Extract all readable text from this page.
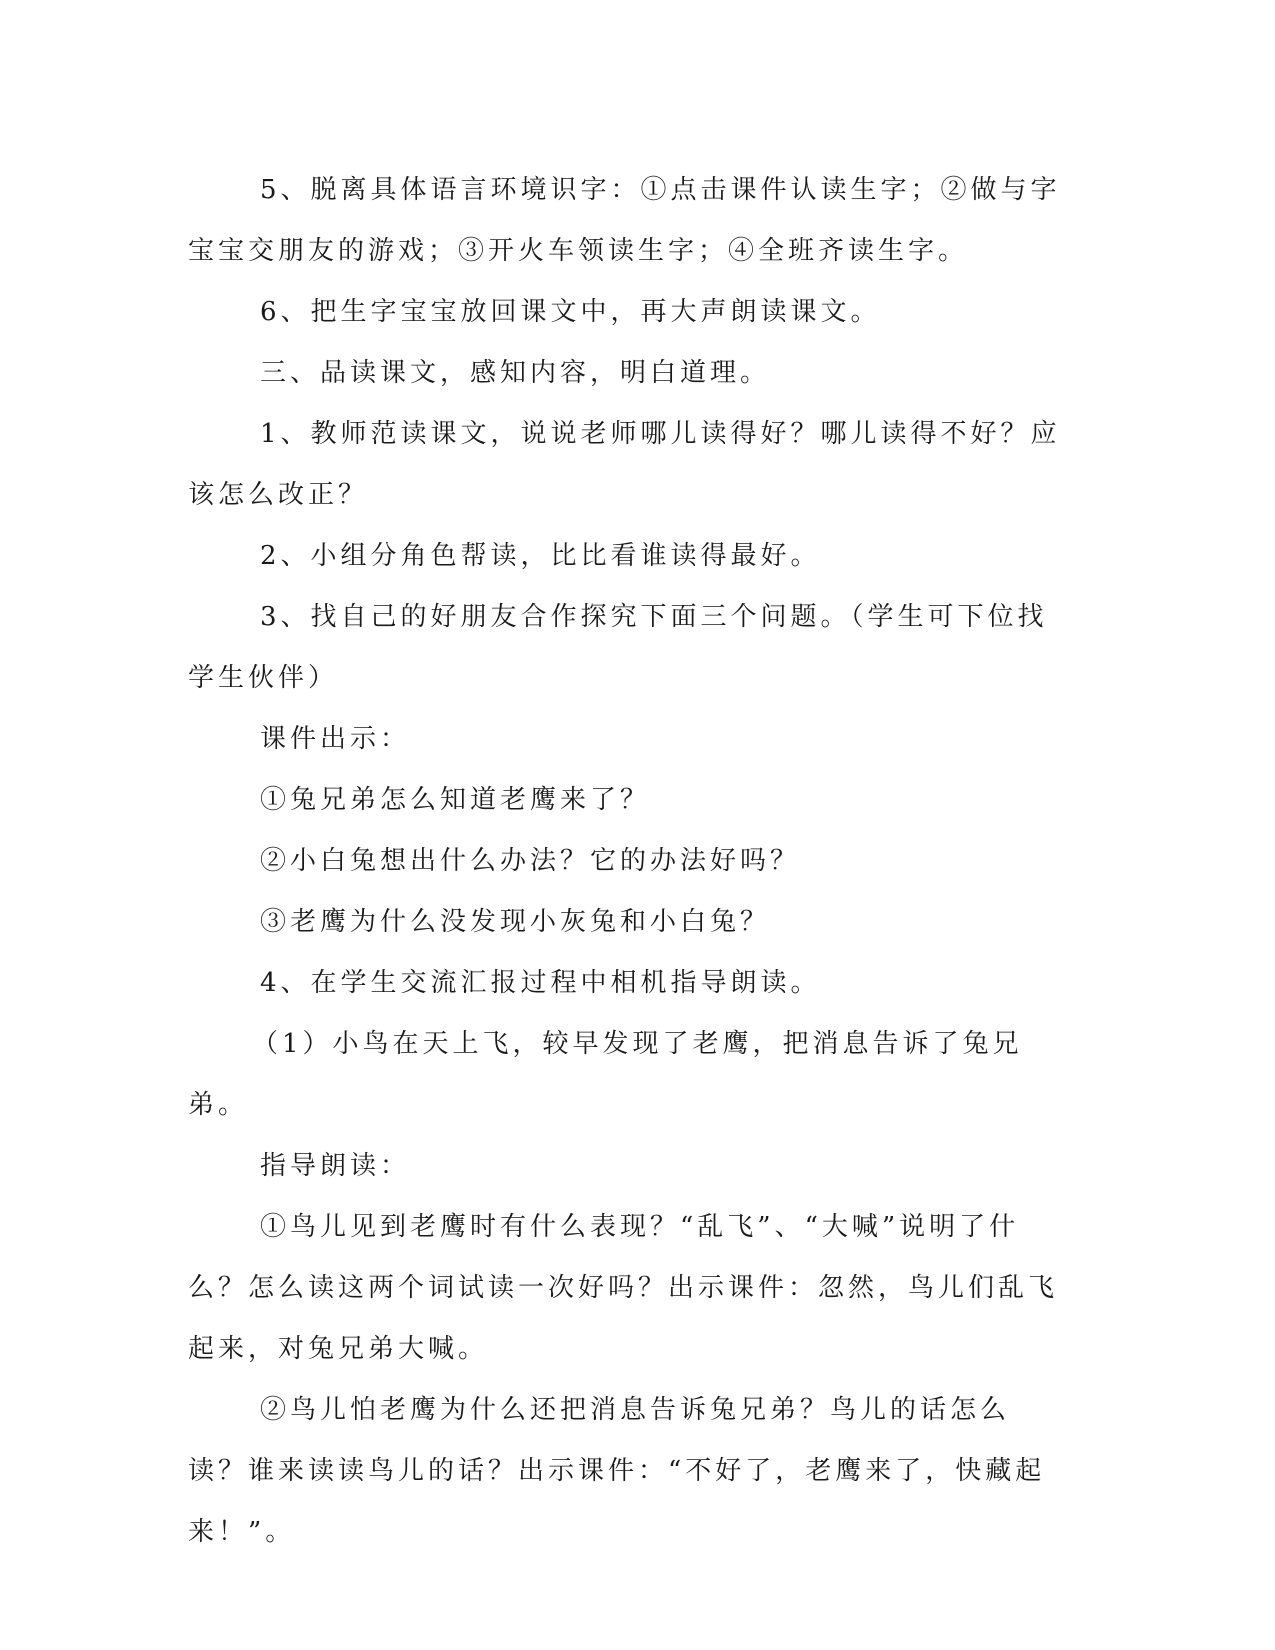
5、脱离具体语言环境识字：①点击课件认读生字；②做与字宝宝交朋友的游戏；③开火车领读生字；④全班齐读生字。

6、把生字宝宝放回课文中，再大声朗读课文。

三、品读课文，感知内容，明白道理。

1、教师范读课文，说说老师哪儿读得好？哪儿读得不好？应该怎么改正？

2、小组分角色帮读，比比看谁读得最好。

3、找自己的好朋友合作探究下面三个问题。（学生可下位找学生伙伴）

课件出示：

①兔兄弟怎么知道老鹰来了？

②小白兔想出什么办法？它的办法好吗？

③老鹰为什么没发现小灰兔和小白兔？

4、在学生交流汇报过程中相机指导朗读。

（1）小鸟在天上飞，较早发现了老鹰，把消息告诉了兔兄弟。

指导朗读：

①鸟儿见到老鹰时有什么表现？“乱飞”、“大喊”说明了什么？怎么读这两个词试读一次好吗？出示课件：忽然，鸟儿们乱飞起来，对兔兄弟大喊。

②鸟儿怕老鹰为什么还把消息告诉兔兄弟？鸟儿的话怎么读？谁来读读鸟儿的话？出示课件：“不好了，老鹰来了，快藏起来！”。
